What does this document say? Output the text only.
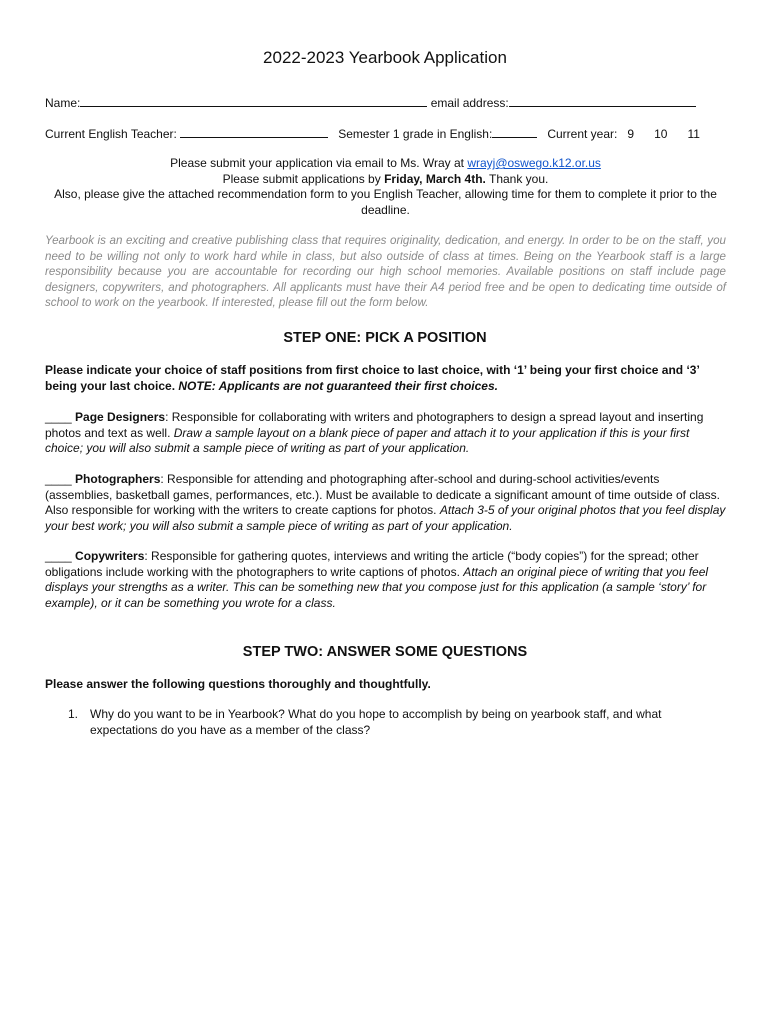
2022-2023 Yearbook Application
Name:	email address:
Current English Teacher:	Semester 1 grade in English:	Current year: 9 10 11
Please submit your application via email to Ms. Wray at wrayj@oswego.k12.or.us
Please submit applications by Friday, March 4th. Thank you.
Also, please give the attached recommendation form to you English Teacher, allowing time for them to complete it prior to the deadline.
Yearbook is an exciting and creative publishing class that requires originality, dedication, and energy. In order to be on the staff, you need to be willing not only to work hard while in class, but also outside of class at times. Being on the Yearbook staff is a large responsibility because you are accountable for recording our high school memories. Available positions on staff include page designers, copywriters, and photographers. All applicants must have their A4 period free and be open to dedicating time outside of school to work on the yearbook. If interested, please fill out the form below.
STEP ONE: PICK A POSITION
Please indicate your choice of staff positions from first choice to last choice, with ‘1’ being your first choice and ‘3’ being your last choice. NOTE: Applicants are not guaranteed their first choices.
____ Page Designers: Responsible for collaborating with writers and photographers to design a spread layout and inserting photos and text as well. Draw a sample layout on a blank piece of paper and attach it to your application if this is your first choice; you will also submit a sample piece of writing as part of your application.
____ Photographers: Responsible for attending and photographing after-school and during-school activities/events (assemblies, basketball games, performances, etc.). Must be available to dedicate a significant amount of time outside of class. Also responsible for working with the writers to create captions for photos. Attach 3-5 of your original photos that you feel display your best work; you will also submit a sample piece of writing as part of your application.
____ Copywriters: Responsible for gathering quotes, interviews and writing the article (“body copies”) for the spread; other obligations include working with the photographers to write captions of photos. Attach an original piece of writing that you feel displays your strengths as a writer. This can be something new that you compose just for this application (a sample ‘story’ for example), or it can be something you wrote for a class.
STEP TWO: ANSWER SOME QUESTIONS
Please answer the following questions thoroughly and thoughtfully.
1. Why do you want to be in Yearbook? What do you hope to accomplish by being on yearbook staff, and what expectations do you have as a member of the class?
